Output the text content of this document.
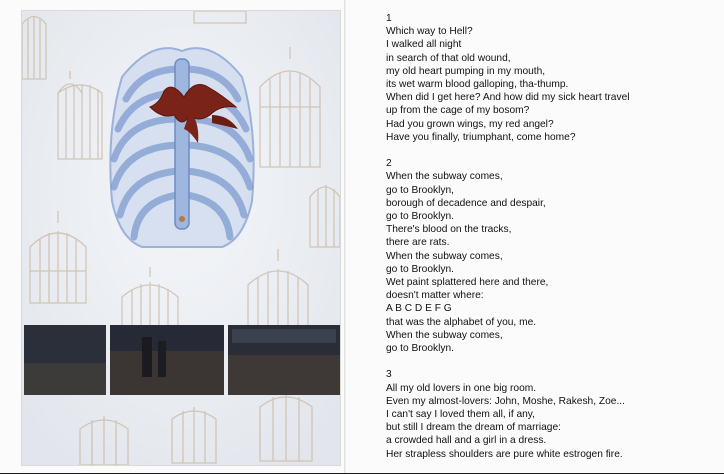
1
Which way to Hell?
I walked all night
in search of that old wound,
my old heart pumping in my mouth,
its wet warm blood galloping, tha-thump.
When did I get here? And how did my sick heart travel
up from the cage of my bosom?
Had you grown wings, my red angel?
Have you finally, triumphant, come home?
2
When the subway comes,
go to Brooklyn,
borough of decadence and despair,
go to Brooklyn.
There's blood on the tracks,
there are rats.
When the subway comes,
go to Brooklyn.
Wet paint splattered here and there,
doesn't matter where:
A B C D E F G
that was the alphabet of you, me.
When the subway comes,
go to Brooklyn.
3
All my old lovers in one big room.
Even my almost-lovers: John, Moshe, Rakesh, Zoe...
I can't say I loved them all, if any,
but still I dream the dream of marriage:
a crowded hall and a girl in a dress.
Her strapless shoulders are pure white estrogen fire.
